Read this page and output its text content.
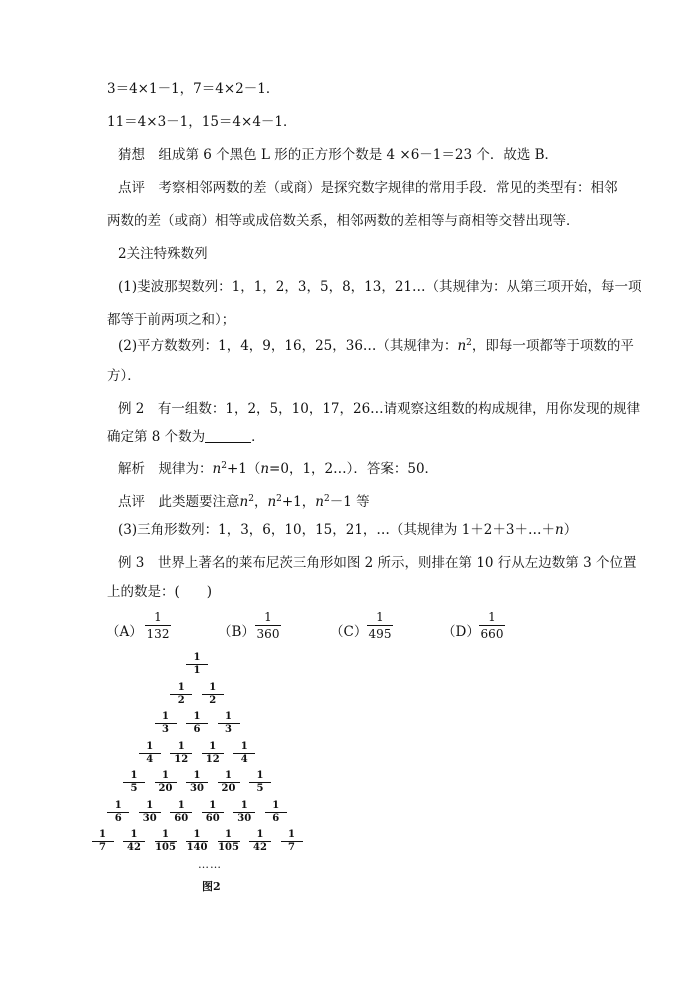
3＝4×1－1，7＝4×2－1．
11＝4×3－1，15＝4×4－1．
猜想　组成第 6 个黑色 L 形的正方形个数是 4 ×6－1＝23 个．故选 B．
点评　考察相邻两数的差（或商）是探究数字规律的常用手段．常见的类型有：相邻
两数的差（或商）相等或成倍数关系，相邻两数的差相等与商相等交替出现等．
2关注特殊数列
(1)斐波那契数列：1，1，2，3，5，8，13，21…（其规律为：从第三项开始，每一项
都等于前两项之和）；
(2)平方数数列：1，4，9，16，25，36…（其规律为：$n^2$，即每一项都等于项数的平
方）．
例 2　有一组数：1，2，5，10，17，26…请观察这组数的构成规律，用你发现的规律
确定第 8 个数为	．
解析　规律为：$n^2+1(n=0$，1，2…）．答案：50．
点评　此类题要注意$n^2$，$n^2+1$，$n^2-1$ 等
(3)三角形数列：1，3，6，10，15，21，…（其规律为 1＋2＋3＋…＋n）
例 3　世界上著名的莱布尼茨三角形如图 2 所示，则排在第 10 行从左边数第 3 个位置
上的数是：(　　)
（A）
1
132	（B）
1
360	（C）
1
495	（D）
1
660
1
1
1
2
1
2
1
3
1
6
1
3
1
4
1
12
1
12
1
4
1
5
1
20
1
30
1
20
1
5
1
6
1
30
1
60
1
60
1
30
1
6
1
7
1
42
1
105
1
140
1
105
1
42
1
7
……
图2
